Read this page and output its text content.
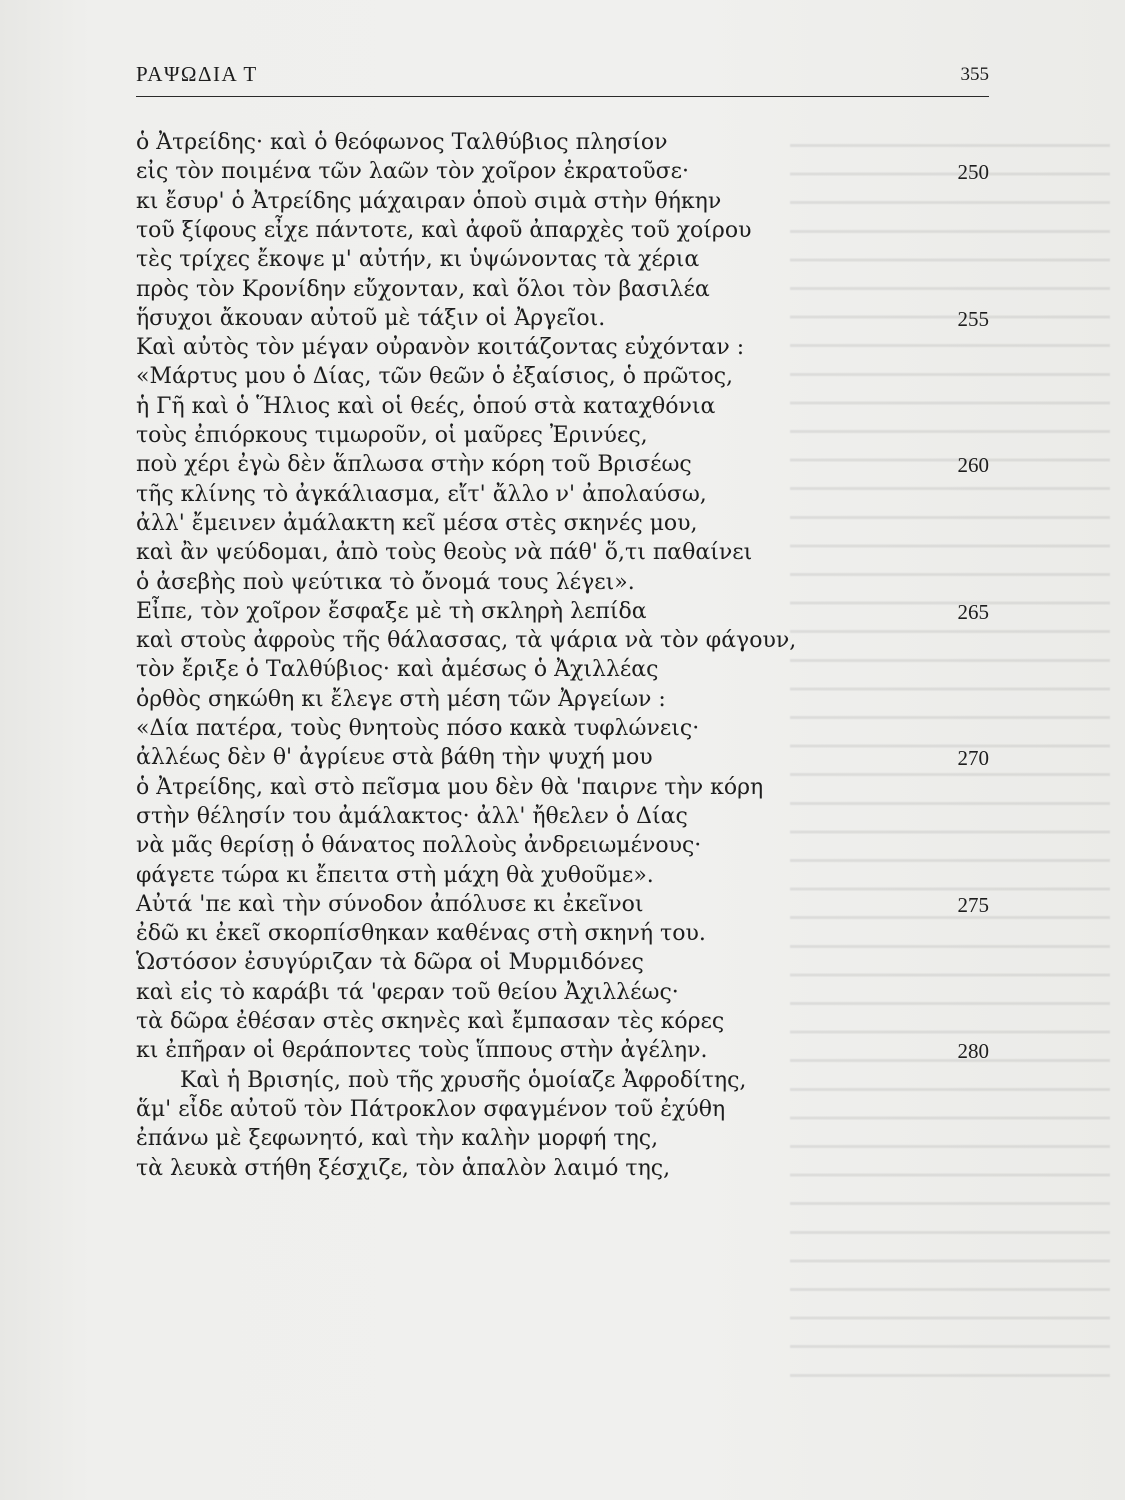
ΡΑΨΩΔΙΑ Τ	355
ὁ Ἀτρείδης· καὶ ὁ θεόφωνος Ταλθύβιος πλησίον
εἰς τὸν ποιμένα τῶν λαῶν τὸν χοῖρον ἐκρατοῦσε·	250
κι ἔσυρ' ὁ Ἀτρείδης μάχαιραν ὁποὺ σιμὰ στὴν θήκην
τοῦ ξίφους εἶχε πάντοτε, καὶ ἀφοῦ ἀπαρχὲς τοῦ χοίρου
τὲς τρίχες ἔκοψε μ' αὐτήν, κι ὑψώνοντας τὰ χέρια
πρὸς τὸν Κρονίδην εὔχονταν, καὶ ὅλοι τὸν βασιλέα
ἥσυχοι ἄκουαν αὐτοῦ μὲ τάξιν οἱ Ἀργεῖοι.	255
Καὶ αὐτὸς τὸν μέγαν οὐρανὸν κοιτάζοντας εὐχόνταν :
«Μάρτυς μου ὁ Δίας, τῶν θεῶν ὁ ἐξαίσιος, ὁ πρῶτος,
ἡ Γῆ καὶ ὁ Ἥλιος καὶ οἱ θεές, ὁπού στὰ καταχθόνια
τοὺς ἐπιόρκους τιμωροῦν, οἱ μαῦρες Ἐρινύες,
ποὺ χέρι ἐγὼ δὲν ἅπλωσα στὴν κόρη τοῦ Βρισέως	260
τῆς κλίνης τὸ ἀγκάλιασμα, εἴτ' ἄλλο ν' ἀπολαύσω,
ἀλλ' ἔμεινεν ἀμάλακτη κεῖ μέσα στὲς σκηνές μου,
καὶ ἂν ψεύδομαι, ἀπὸ τοὺς θεοὺς νὰ πάθ' ὅ,τι παθαίνει
ὁ ἀσεβὴς ποὺ ψεύτικα τὸ ὄνομά τους λέγει».
Εἶπε, τὸν χοῖρον ἔσφαξε μὲ τὴ σκληρὴ λεπίδα	265
καὶ στοὺς ἀφροὺς τῆς θάλασσας, τὰ ψάρια νὰ τὸν φάγουν,
τὸν ἔριξε ὁ Ταλθύβιος· καὶ ἀμέσως ὁ Ἀχιλλέας
ὀρθὸς σηκώθη κι ἔλεγε στὴ μέση τῶν Ἀργείων :
«Δία πατέρα, τοὺς θνητοὺς πόσο κακὰ τυφλώνεις·
ἀλλέως δὲν θ' ἀγρίευε στὰ βάθη τὴν ψυχή μου	270
ὁ Ἀτρείδης, καὶ στὸ πεῖσμα μου δὲν θὰ 'παιρνε τὴν κόρη
στὴν θέλησίν του ἀμάλακτος· ἀλλ' ἤθελεν ὁ Δίας
νὰ μᾶς θερίσῃ ὁ θάνατος πολλοὺς ἀνδρειωμένους·
φάγετε τώρα κι ἔπειτα στὴ μάχη θὰ χυθοῦμε».
Αὐτά 'πε καὶ τὴν σύνοδον ἀπόλυσε κι ἐκεῖνοι	275
ἐδῶ κι ἐκεῖ σκορπίσθηκαν καθένας στὴ σκηνή του.
Ὡστόσον ἐσυγύριζαν τὰ δῶρα οἱ Μυρμιδόνες
καὶ εἰς τὸ καράβι τά 'φεραν τοῦ θείου Ἀχιλλέως·
τὰ δῶρα ἐθέσαν στὲς σκηνὲς καὶ ἔμπασαν τὲς κόρες
κι ἐπῆραν οἱ θεράποντες τοὺς ἵππους στὴν ἀγέλην.	280
Καὶ ἡ Βρισηίς, ποὺ τῆς χρυσῆς ὁμοίαζε Ἀφροδίτης,
ἅμ' εἶδε αὐτοῦ τὸν Πάτροκλον σφαγμένον τοῦ ἐχύθη
ἐπάνω μὲ ξεφωνητό, καὶ τὴν καλὴν μορφή της,
τὰ λευκὰ στήθη ξέσχιζε, τὸν ἁπαλὸν λαιμό της,
